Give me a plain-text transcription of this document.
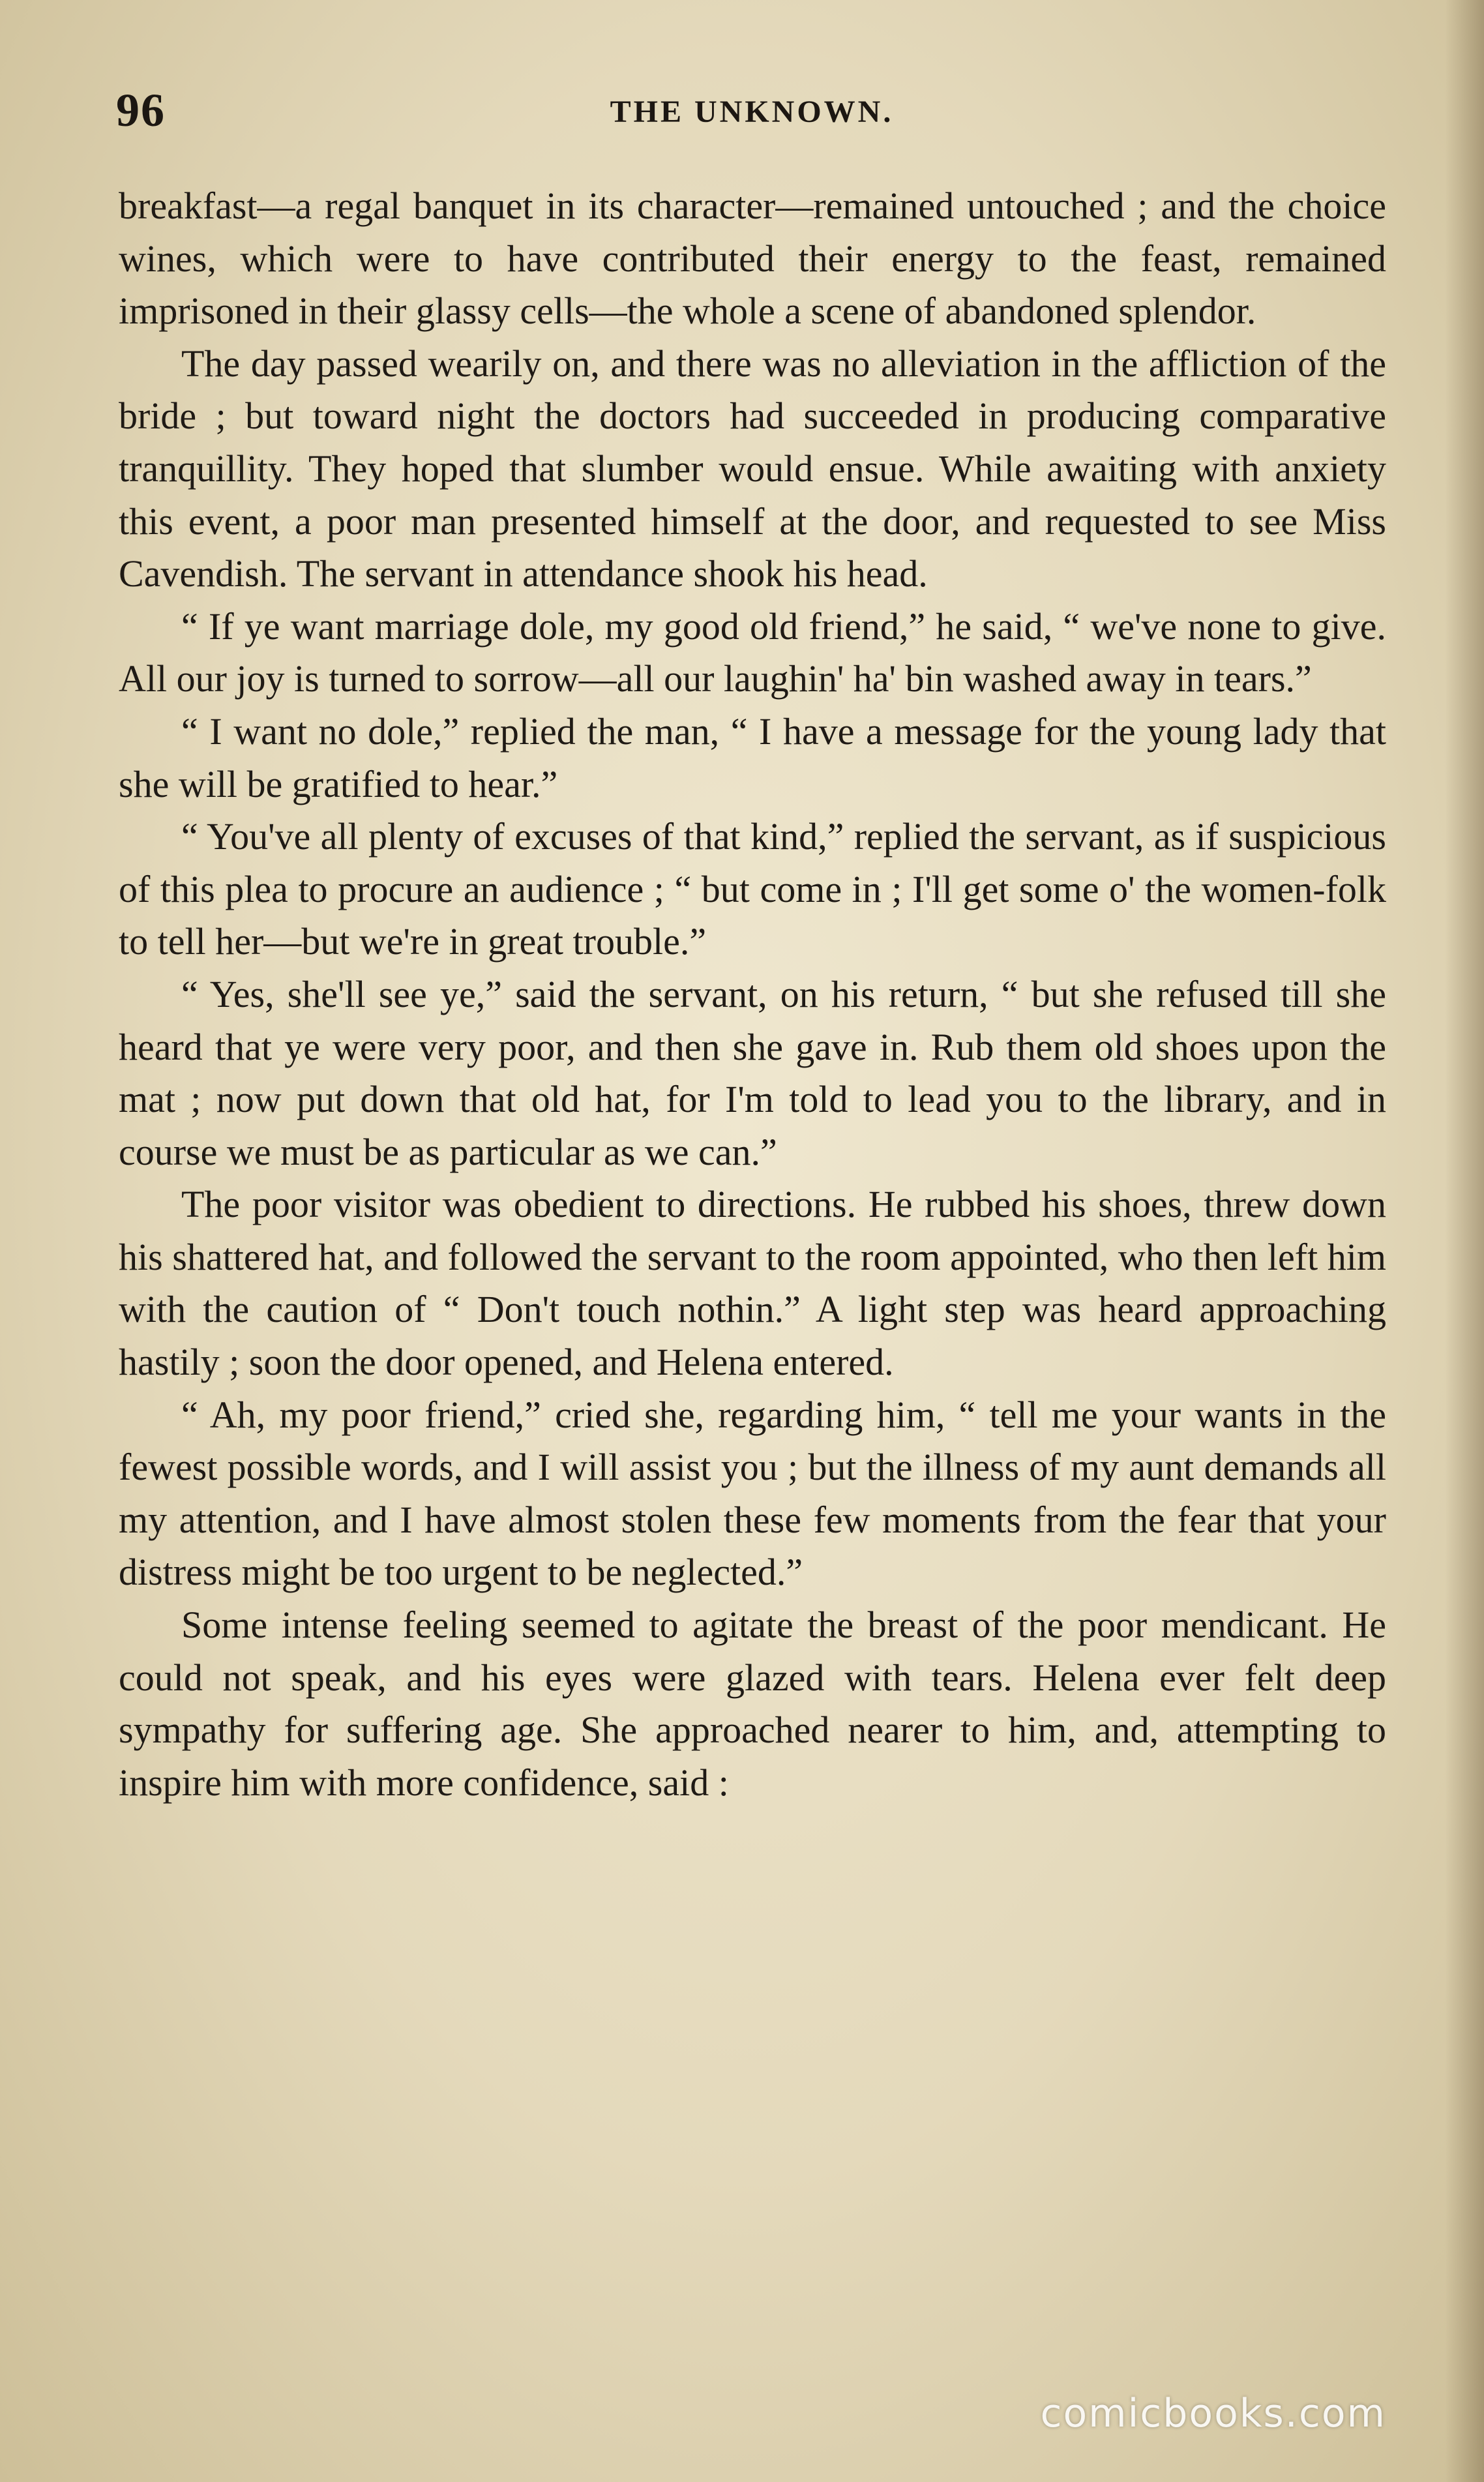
96	THE UNKNOWN.

breakfast—a regal banquet in its character—remained untouched ; and the choice wines, which were to have contributed their energy to the feast, remained imprisoned in their glassy cells—the whole a scene of abandoned splendor.

The day passed wearily on, and there was no alleviation in the affliction of the bride ; but toward night the doctors had succeeded in producing comparative tranquillity. They hoped that slumber would ensue. While awaiting with anxiety this event, a poor man presented himself at the door, and requested to see Miss Cavendish. The servant in attendance shook his head.

“ If ye want marriage dole, my good old friend,” he said, “ we've none to give. All our joy is turned to sorrow—all our laughin' ha' bin washed away in tears.”

“ I want no dole,” replied the man, “ I have a message for the young lady that she will be gratified to hear.”

“ You've all plenty of excuses of that kind,” replied the servant, as if suspicious of this plea to procure an audience ; “ but come in ; I'll get some o' the women-folk to tell her—but we're in great trouble.”

“ Yes, she'll see ye,” said the servant, on his return, “ but she refused till she heard that ye were very poor, and then she gave in. Rub them old shoes upon the mat ; now put down that old hat, for I'm told to lead you to the library, and in course we must be as particular as we can.”

The poor visitor was obedient to directions. He rubbed his shoes, threw down his shattered hat, and followed the servant to the room appointed, who then left him with the caution of “ Don't touch nothin.” A light step was heard approaching hastily ; soon the door opened, and Helena entered.

“ Ah, my poor friend,” cried she, regarding him, “ tell me your wants in the fewest possible words, and I will assist you ; but the illness of my aunt demands all my attention, and I have almost stolen these few moments from the fear that your distress might be too urgent to be neglected.”

Some intense feeling seemed to agitate the breast of the poor mendicant. He could not speak, and his eyes were glazed with tears. Helena ever felt deep sympathy for suffering age. She approached nearer to him, and, attempting to inspire him with more confidence, said :

comicbooks.com
